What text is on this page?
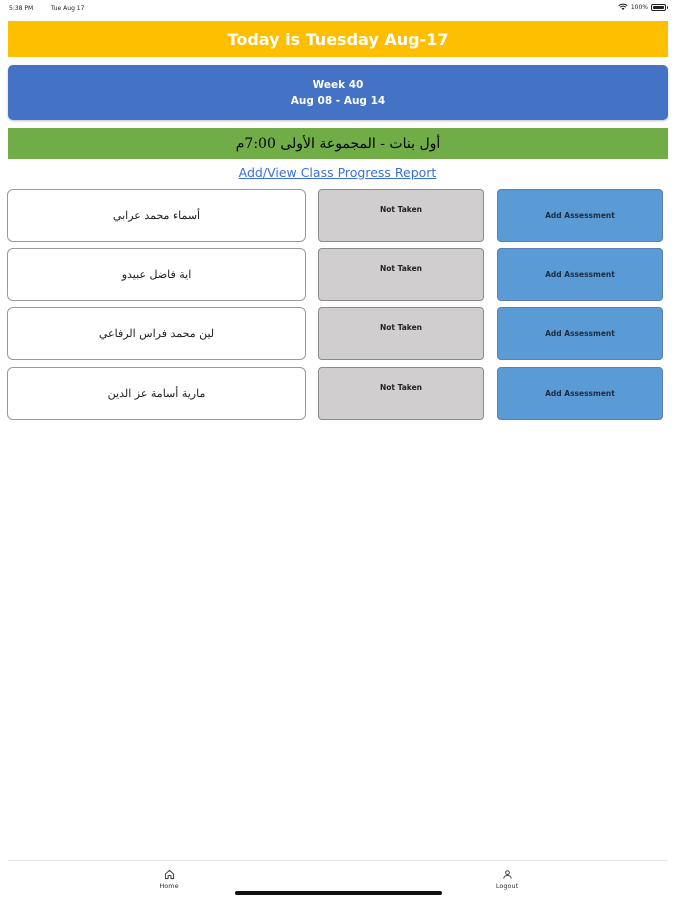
5:38 PM	Tue Aug 17	100%
Today is Tuesday Aug-17
Week 40
Aug 08 - Aug 14
أول بنات - المجموعة الأولى

7:00م
Add/View Class Progress Report
أسماء محمد عرابي	Not Taken
Add Assessment
اية فاضل عبيدو	Not Taken
Add Assessment
لين محمد فراس الرفاعي	Not Taken
Add Assessment
مارية أسامة عز الدين	Not Taken
Add Assessment
Home	Logout
